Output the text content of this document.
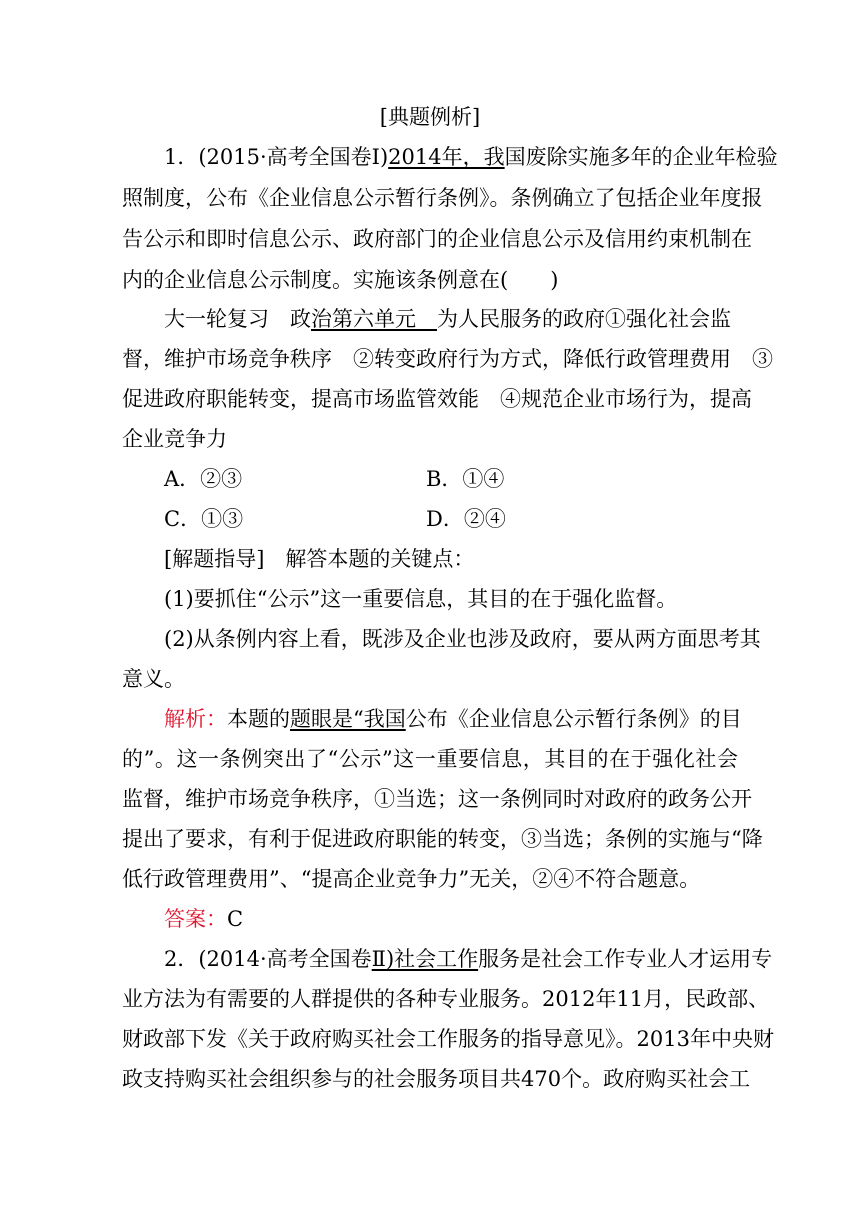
[典题例析]
1．(2015·高考全国卷Ⅰ)2014年，我国废除实施多年的企业年检验
照制度，公布《企业信息公示暂行条例》。条例确立了包括企业年度报
告公示和即时信息公示、政府部门的企业信息公示及信用约束机制在
内的企业信息公示制度。实施该条例意在(　　)
大一轮复习　政治第六单元　为人民服务的政府①强化社会监
督，维护市场竞争秩序　②转变政府行为方式，降低行政管理费用　③
促进政府职能转变，提高市场监管效能　④规范企业市场行为，提高
企业竞争力
A．②③	B．①④
C．①③	D．②④
[解题指导]　解答本题的关键点：
(1)要抓住“公示”这一重要信息，其目的在于强化监督。
(2)从条例内容上看，既涉及企业也涉及政府，要从两方面思考其
意义。
解析：本题的题眼是“我国公布《企业信息公示暂行条例》的目
的”。这一条例突出了“公示”这一重要信息，其目的在于强化社会
监督，维护市场竞争秩序，①当选；这一条例同时对政府的政务公开
提出了要求，有利于促进政府职能的转变，③当选；条例的实施与“降
低行政管理费用”、“提高企业竞争力”无关，②④不符合题意。
答案：C
2．(2014·高考全国卷Ⅱ)社会工作服务是社会工作专业人才运用专
业方法为有需要的人群提供的各种专业服务。2012年11月，民政部、
财政部下发《关于政府购买社会工作服务的指导意见》。2013年中央财
政支持购买社会组织参与的社会服务项目共470个。政府购买社会工
